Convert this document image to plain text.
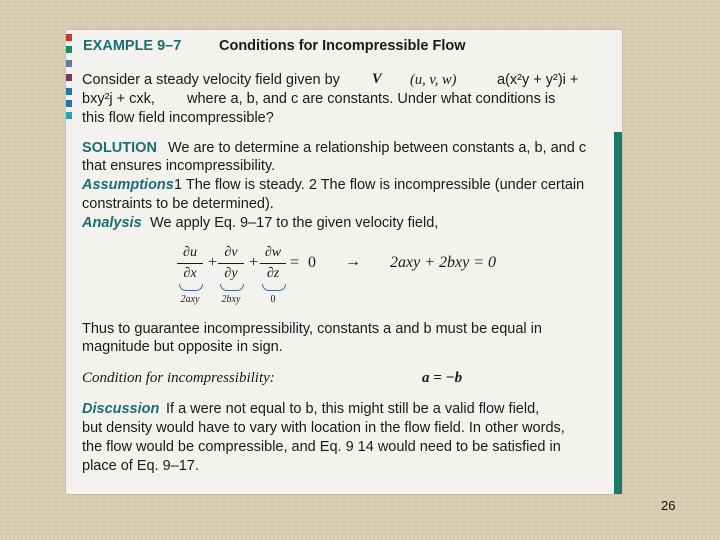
EXAMPLE 9–7	Conditions for Incompressible Flow
Consider a steady velocity field given by V (u, v, w)	a(x²y + y²)i +
bxy²j + cxk, where a, b, and c are constants. Under what conditions is
this flow field incompressible?
SOLUTION We are to determine a relationship between constants a, b, and c
that ensures incompressibility.
Assumptions 1 The flow is steady. 2 The flow is incompressible (under certain
constraints to be determined).
Analysis We apply Eq. 9–17 to the given velocity field,
∂u
∂x
+
∂v
∂y
+
∂w
∂z
= 0 → 2axy + 2bxy = 0
2axy	2bxy	0
Thus to guarantee incompressibility, constants a and b must be equal in
magnitude but opposite in sign.
Condition for incompressibility:	a = −b
Discussion If a were not equal to b, this might still be a valid flow field,
but density would have to vary with location in the flow field. In other words,
the flow would be compressible, and Eq. 9 14 would need to be satisfied in
place of Eq. 9–17.
26
